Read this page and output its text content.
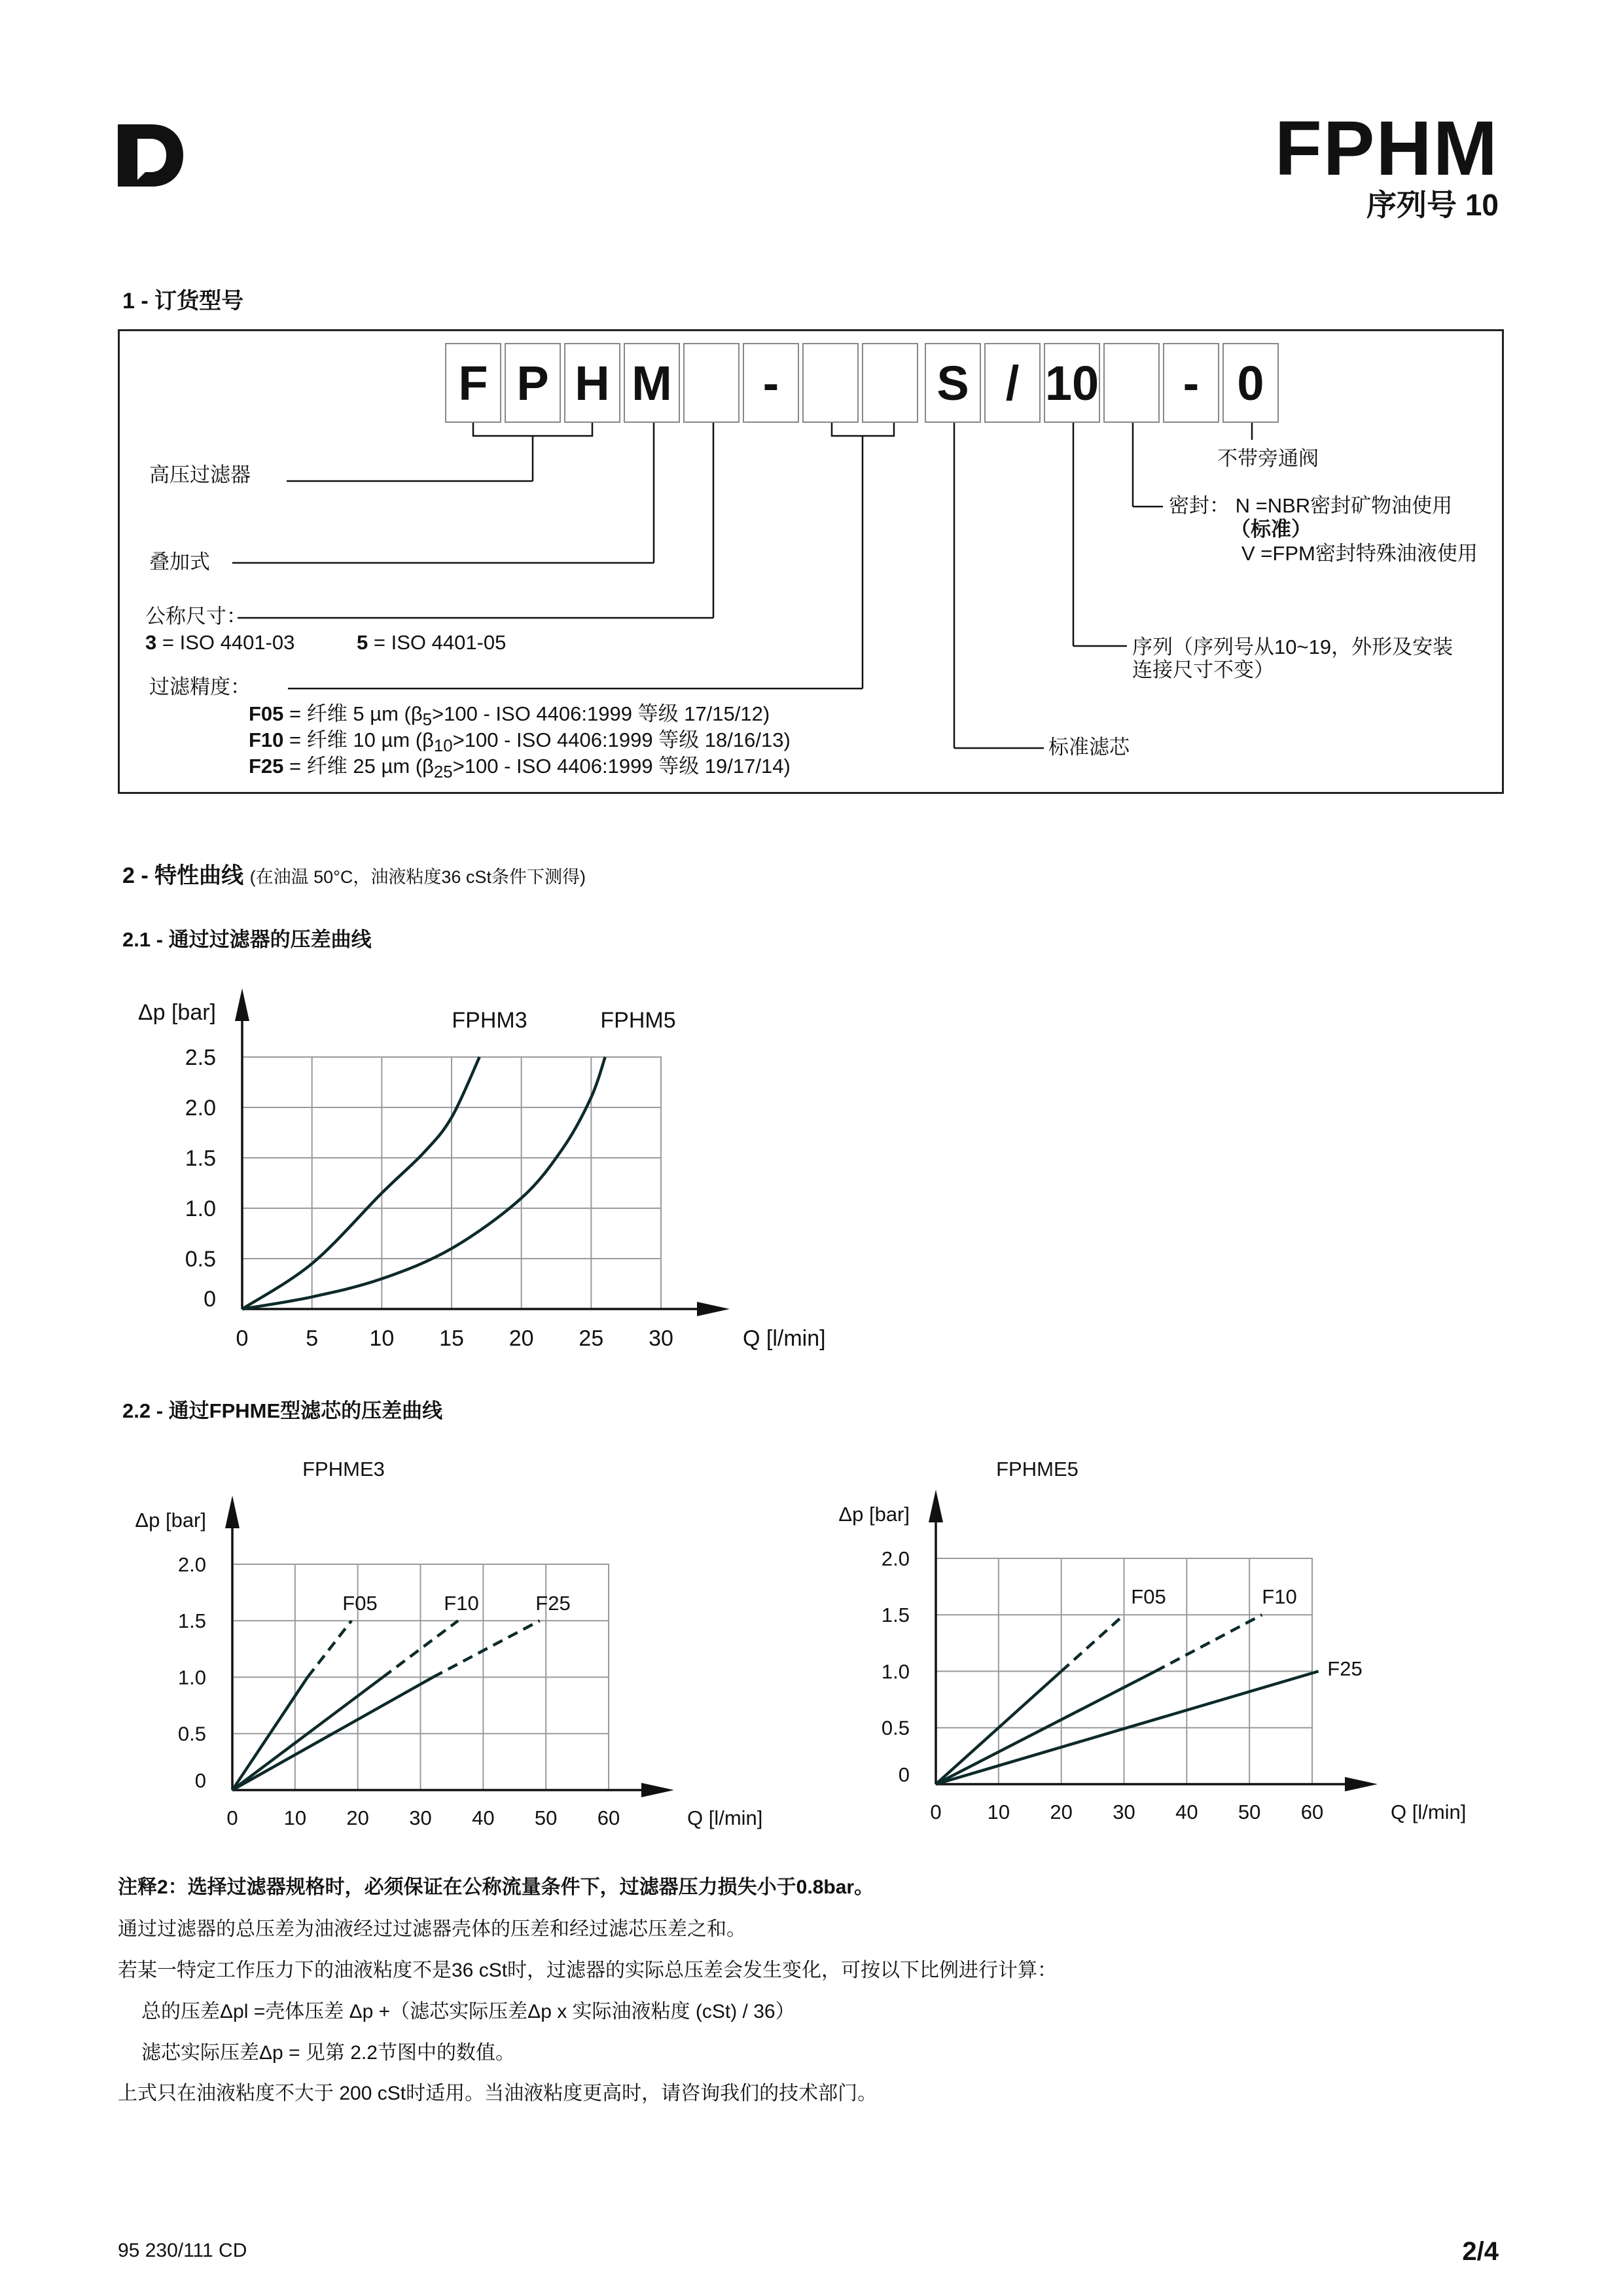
FPHM
序列号 10
1 - 订货型号
F P H M	-	S / 10	- 0
高压过滤器
叠加式
公称尺寸：
3 = ISO 4401-03	5 = ISO 4401-05
过滤精度：
F05 = 纤维 5 µm ($\beta_5>100$ - ISO 4406:1999 等级 17/15/12)
F10 = 纤维 10 µm ($\beta_{10}>100$ - ISO 4406:1999 等级 18/16/13)
F25 = 纤维 25 µm ($\beta_{25}>100$ - ISO 4406:1999 等级 19/17/14)
不带旁通阀
密封： N =NBR密封矿物油使用
（标准）
V =FPM密封特殊油液使用
序列（序列号从10~19，外形及安装
连接尺寸不变）
标准滤芯
2 - 特性曲线 (在油温 50°C，油液粘度36 cSt条件下测得)
2.1 - 通过过滤器的压差曲线
2.2 - 通过FPHME型滤芯的压差曲线
0	5 10 15 20 25 30
0
0.5
1.0
1.5
2.0
2.5
Q [l/min]
Δp [bar]	FPHM3	FPHM5
0 10 20 30 40 50 60
0
0.5
1.0
1.5
2.0
Q [l/min]
Δp [bar]
FPHME3
F05	F10	F25
0 10 20 30 40 50 60
0
0.5
1.0
1.5
2.0
Q [l/min]
Δp [bar]
FPHME5
F05	F10
F25
注释2：选择过滤器规格时，必须保证在公称流量条件下，过滤器压力损失小于0.8bar。
通过过滤器的总压差为油液经过过滤器壳体的压差和经过滤芯压差之和。
若某一特定工作压力下的油液粘度不是36 cSt时，过滤器的实际总压差会发生变化，可按以下比例进行计算：
总的压差Δpl =壳体压差 Δp +（滤芯实际压差Δp x 实际油液粘度 (cSt) / 36）
滤芯实际压差Δp = 见第 2.2节图中的数值。
上式只在油液粘度不大于 200 cSt时适用。当油液粘度更高时，请咨询我们的技术部门。
95 230/111 CD	2/4
